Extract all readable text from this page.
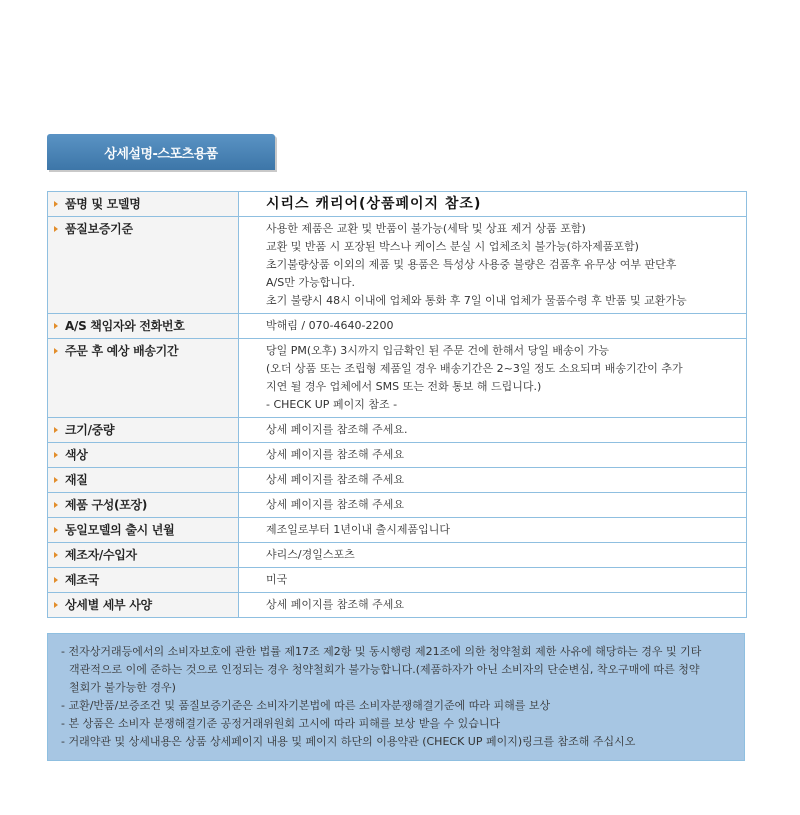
상세설명-스포츠용품
품명 및 모델명	시리스 캐리어(상품페이지 참조)

품질보증기준	사용한 제품은 교환 및 반품이 불가능(세탁 및 상표 제거 상품 포함)
교환 및 반품 시 포장된 박스나 케이스 분실 시 업체조치 불가능(하자제품포함)
초기불량상품 이외의 제품 및 용품은 특성상 사용중 불량은 검품후 유무상 여부 판단후
A/S만 가능합니다.
초기 불량시 48시 이내에 업체와 통화 후 7일 이내 업체가 물품수령 후 반품 및 교환가능

A/S 책임자와 전화번호	박해림 / 070-4640-2200

주문 후 예상 배송기간	당일 PM(오후) 3시까지 입금확인 된 주문 건에 한해서 당일 배송이 가능
(오더 상품 또는 조립형 제품일 경우 배송기간은 2~3일 정도 소요되며 배송기간이 추가
지연 될 경우 업체에서 SMS 또는 전화 통보 해 드립니다.)
- CHECK UP 페이지 참조 -

크기/중량	상세 페이지를 참조해 주세요.

색상	상세 페이지를 참조해 주세요

재질	상세 페이지를 참조해 주세요

제품 구성(포장)	상세 페이지를 참조해 주세요

동일모델의 출시 년월	제조일로부터 1년이내 출시제품입니다

제조자/수입자	샤리스/경일스포츠

제조국	미국

상세별 세부 사양	상세 페이지를 참조해 주세요
- 전자상거래등에서의 소비자보호에 관한 법률 제17조 제2항 및 동시행령 제21조에 의한 청약철회 제한 사유에 해당하는 경우 및 기타
객관적으로 이에 준하는 것으로 인정되는 경우 청약철회가 불가능합니다.(제품하자가 아닌 소비자의 단순변심, 착오구매에 따른 청약
철회가 불가능한 경우)
- 교환/반품/보증조건 및 품질보증기준은 소비자기본법에 따른 소비자분쟁해결기준에 따라 피해를 보상
- 본 상품은 소비자 분쟁해결기준 공정거래위원회 고시에 따라 피해를 보상 받을 수 있습니다
- 거래약관 및 상세내용은 상품 상세페이지 내용 및 페이지 하단의 이용약관 (CHECK UP 페이지)링크를 참조해 주십시오
